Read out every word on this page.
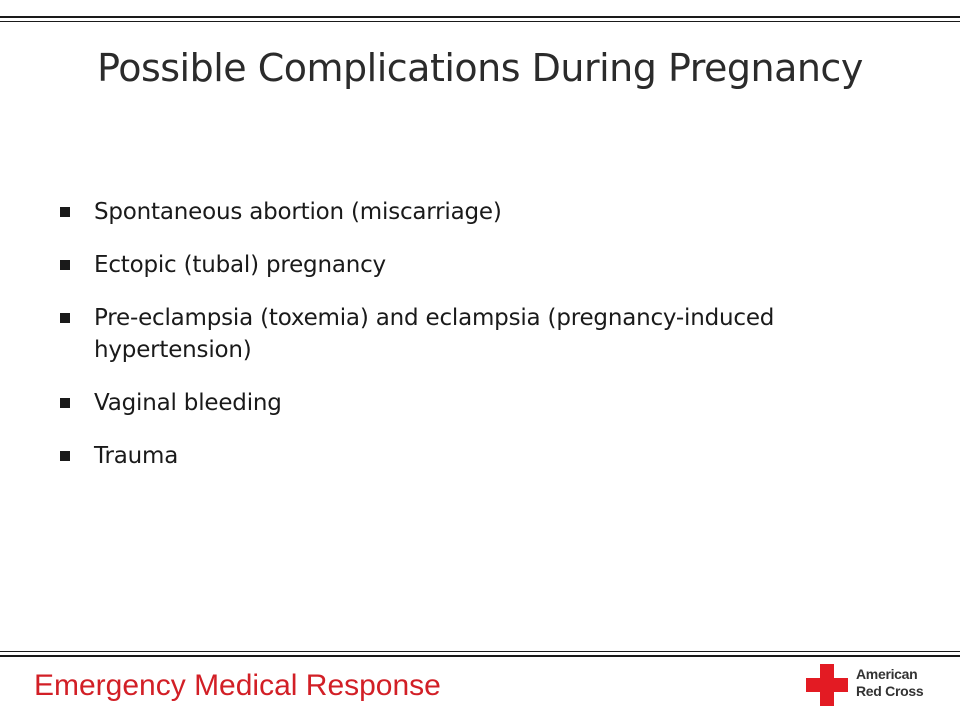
Possible Complications During Pregnancy
Spontaneous abortion (miscarriage)
Ectopic (tubal) pregnancy
Pre-eclampsia (toxemia) and eclampsia (pregnancy-induced hypertension)
Vaginal bleeding
Trauma
Emergency Medical Response	American
Red Cross
